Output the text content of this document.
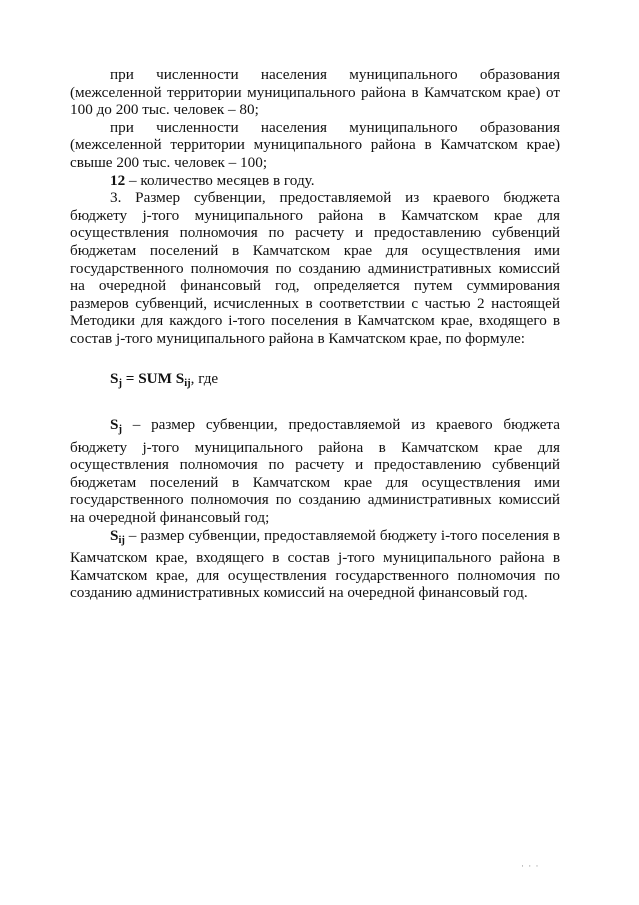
при численности населения муниципального образования

(межселенной территории муниципального района в Камчатском крае) от 100 до 200 тыс. человек – 80;

при численности населения муниципального образования

(межселенной территории муниципального района в Камчатском крае) свыше 200 тыс. человек – 100;

12 – количество месяцев в году.

3. Размер субвенции, предоставляемой из краевого бюджета бюджету j-того муниципального района в Камчатском крае для осуществления полномочия по расчету и предоставлению субвенций бюджетам поселений в Камчатском крае для осуществления ими государственного полномочия по созданию административных комиссий на очередной финансовый год, определяется путем суммирования размеров субвенций, исчисленных в соответствии с частью 2 настоящей Методики для каждого i-того поселения в Камчатском крае, входящего в состав j-того муниципального района в Камчатском крае, по формуле:

$S_j$ = SUM $S_{ij}$, где

$S_j$ – размер субвенции, предоставляемой из краевого бюджета бюджету j-того муниципального района в Камчатском крае для осуществления полномочия по расчету и предоставлению субвенций бюджетам поселений в Камчатском крае для осуществления ими государственного полномочия по созданию административных комиссий на очередной финансовый год;

$S_{ij}$ – размер субвенции, предоставляемой бюджету i-того поселения в Камчатском крае, входящего в состав j-того муниципального района в Камчатском крае, для осуществления государственного полномочия по созданию административных комиссий на очередной финансовый год.

· · ·
